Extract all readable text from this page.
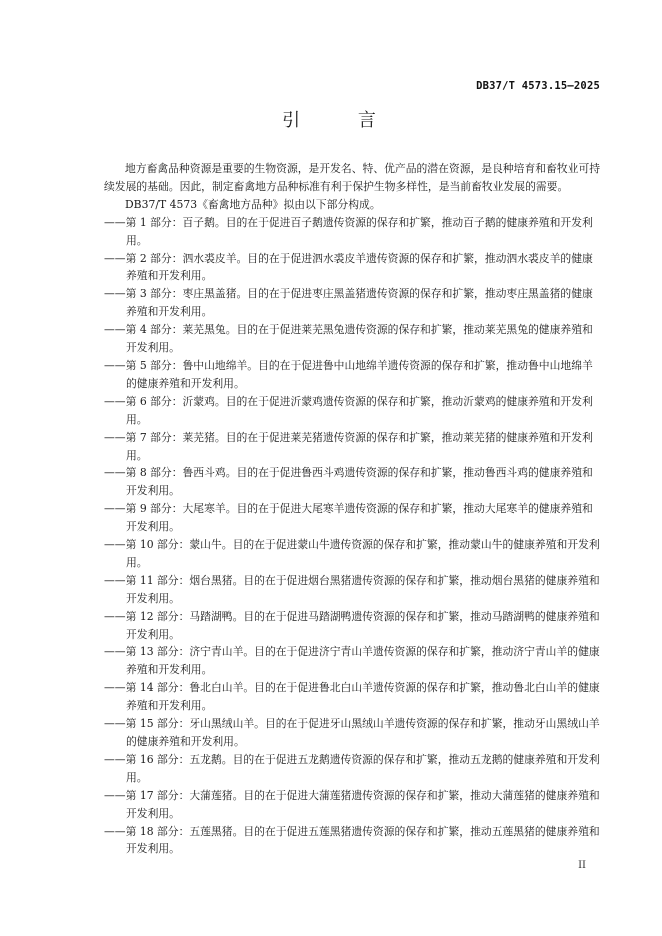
DB37/T 4573.15—2025
引 言

地方畜禽品种资源是重要的生物资源，是开发名、特、优产品的潜在资源，是良种培育和畜牧业可持续发展的基础。因此，制定畜禽地方品种标准有利于保护生物多样性，是当前畜牧业发展的需要。

DB37/T 4573《畜禽地方品种》拟由以下部分构成。

——第 1 部分：百子鹅。目的在于促进百子鹅遗传资源的保存和扩繁，推动百子鹅的健康养殖和开发利用。

——第 2 部分：泗水裘皮羊。目的在于促进泗水裘皮羊遗传资源的保存和扩繁，推动泗水裘皮羊的健康养殖和开发利用。

——第 3 部分：枣庄黑盖猪。目的在于促进枣庄黑盖猪遗传资源的保存和扩繁，推动枣庄黑盖猪的健康养殖和开发利用。

——第 4 部分：莱芜黑兔。目的在于促进莱芜黑兔遗传资源的保存和扩繁，推动莱芜黑兔的健康养殖和开发利用。

——第 5 部分：鲁中山地绵羊。目的在于促进鲁中山地绵羊遗传资源的保存和扩繁，推动鲁中山地绵羊的健康养殖和开发利用。

——第 6 部分：沂蒙鸡。目的在于促进沂蒙鸡遗传资源的保存和扩繁，推动沂蒙鸡的健康养殖和开发利用。

——第 7 部分：莱芜猪。目的在于促进莱芜猪遗传资源的保存和扩繁，推动莱芜猪的健康养殖和开发利用。

——第 8 部分：鲁西斗鸡。目的在于促进鲁西斗鸡遗传资源的保存和扩繁，推动鲁西斗鸡的健康养殖和开发利用。

——第 9 部分：大尾寒羊。目的在于促进大尾寒羊遗传资源的保存和扩繁，推动大尾寒羊的健康养殖和开发利用。

——第 10 部分：蒙山牛。目的在于促进蒙山牛遗传资源的保存和扩繁，推动蒙山牛的健康养殖和开发利用。

——第 11 部分：烟台黑猪。目的在于促进烟台黑猪遗传资源的保存和扩繁，推动烟台黑猪的健康养殖和开发利用。

——第 12 部分：马踏湖鸭。目的在于促进马踏湖鸭遗传资源的保存和扩繁，推动马踏湖鸭的健康养殖和开发利用。

——第 13 部分：济宁青山羊。目的在于促进济宁青山羊遗传资源的保存和扩繁，推动济宁青山羊的健康养殖和开发利用。

——第 14 部分：鲁北白山羊。目的在于促进鲁北白山羊遗传资源的保存和扩繁，推动鲁北白山羊的健康养殖和开发利用。

——第 15 部分：牙山黑绒山羊。目的在于促进牙山黑绒山羊遗传资源的保存和扩繁，推动牙山黑绒山羊的健康养殖和开发利用。

——第 16 部分：五龙鹅。目的在于促进五龙鹅遗传资源的保存和扩繁，推动五龙鹅的健康养殖和开发利用。

——第 17 部分：大蒲莲猪。目的在于促进大蒲莲猪遗传资源的保存和扩繁，推动大蒲莲猪的健康养殖和开发利用。

——第 18 部分：五莲黑猪。目的在于促进五莲黑猪遗传资源的保存和扩繁，推动五莲黑猪的健康养殖和开发利用。

II
